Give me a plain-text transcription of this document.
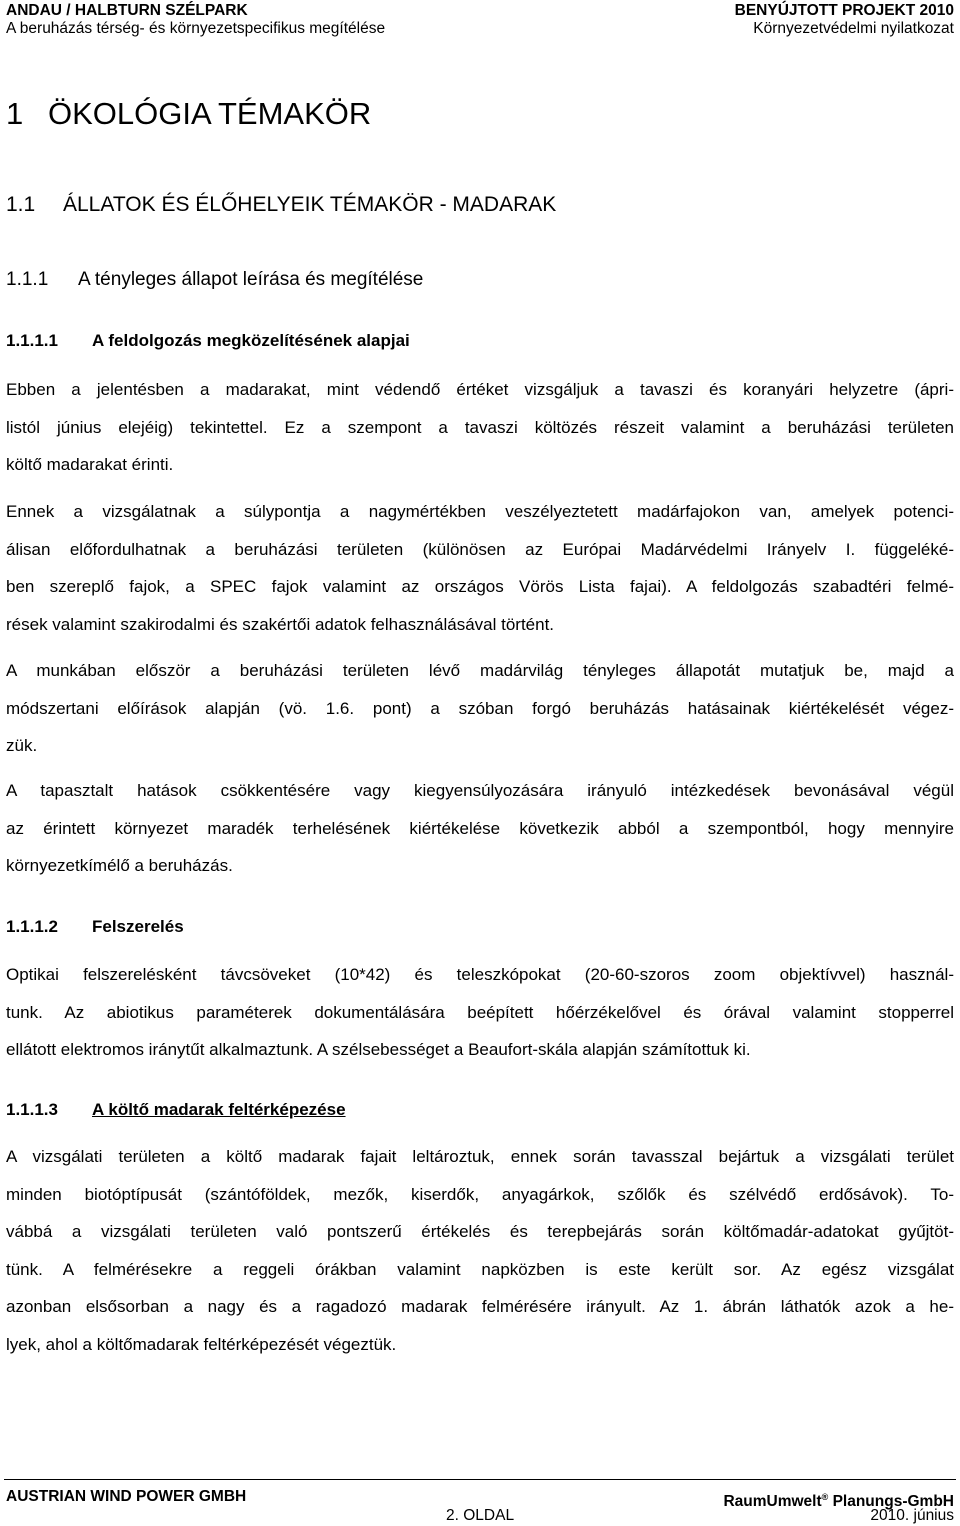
ANDAU / HALBTURN SZÉLPARK
A beruházás térség- és környezetspecifikus megítélése
BENYÚJTOTT PROJEKT 2010
Környezetvédelmi nyilatkozat
1 ÖKOLÓGIA TÉMAKÖR
1.1 ÁLLATOK ÉS ÉLŐHELYEIK TÉMAKÖR - MADARAK
1.1.1 A tényleges állapot leírása és megítélése
1.1.1.1 A feldolgozás megközelítésének alapjai
Ebben a jelentésben a madarakat, mint védendő értéket vizsgáljuk a tavaszi és koranyári helyzetre (ápri-
listól június elejéig) tekintettel. Ez a szempont a tavaszi költözés részeit valamint a beruházási területen
költő madarakat érinti.
Ennek a vizsgálatnak a súlypontja a nagymértékben veszélyeztetett madárfajokon van, amelyek potenci-
álisan előfordulhatnak a beruházási területen (különösen az Európai Madárvédelmi Irányelv I. függeléké-
ben szereplő fajok, a SPEC fajok valamint az országos Vörös Lista fajai). A feldolgozás szabadtéri felmé-
rések valamint szakirodalmi és szakértői adatok felhasználásával történt.
A munkában először a beruházási területen lévő madárvilág tényleges állapotát mutatjuk be, majd a
módszertani előírások alapján (vö. 1.6. pont) a szóban forgó beruházás hatásainak kiértékelését végez-
zük.
A tapasztalt hatások csökkentésére vagy kiegyensúlyozására irányuló intézkedések bevonásával végül
az érintett környezet maradék terhelésének kiértékelése következik abból a szempontból, hogy mennyire
környezetkímélő a beruházás.
1.1.1.2 Felszerelés
Optikai felszerelésként távcsöveket (10*42) és teleszkópokat (20-60-szoros zoom objektívvel) használ-
tunk. Az abiotikus paraméterek dokumentálására beépített hőérzékelővel és órával valamint stopperrel
ellátott elektromos iránytűt alkalmaztunk. A szélsebességet a Beaufort-skála alapján számítottuk ki.
1.1.1.3 A költő madarak feltérképezése
A vizsgálati területen a költő madarak fajait leltároztuk, ennek során tavasszal bejártuk a vizsgálati terület
minden biotóptípusát (szántóföldek, mezők, kiserdők, anyagárkok, szőlők és szélvédő erdősávok). To-
vábbá a vizsgálati területen való pontszerű értékelés és terepbejárás során költőmadár-adatokat gyűjtöt-
tünk. A felmérésekre a reggeli órákban valamint napközben is este került sor. Az egész vizsgálat
azonban elsősorban a nagy és a ragadozó madarak felmérésére irányult. Az 1. ábrán láthatók azok a he-
lyek, ahol a költőmadarak feltérképezését végeztük.
AUSTRIAN WIND POWER GMBH	RaumUmwelt® Planungs-GmbH
2. OLDAL	2010. június
